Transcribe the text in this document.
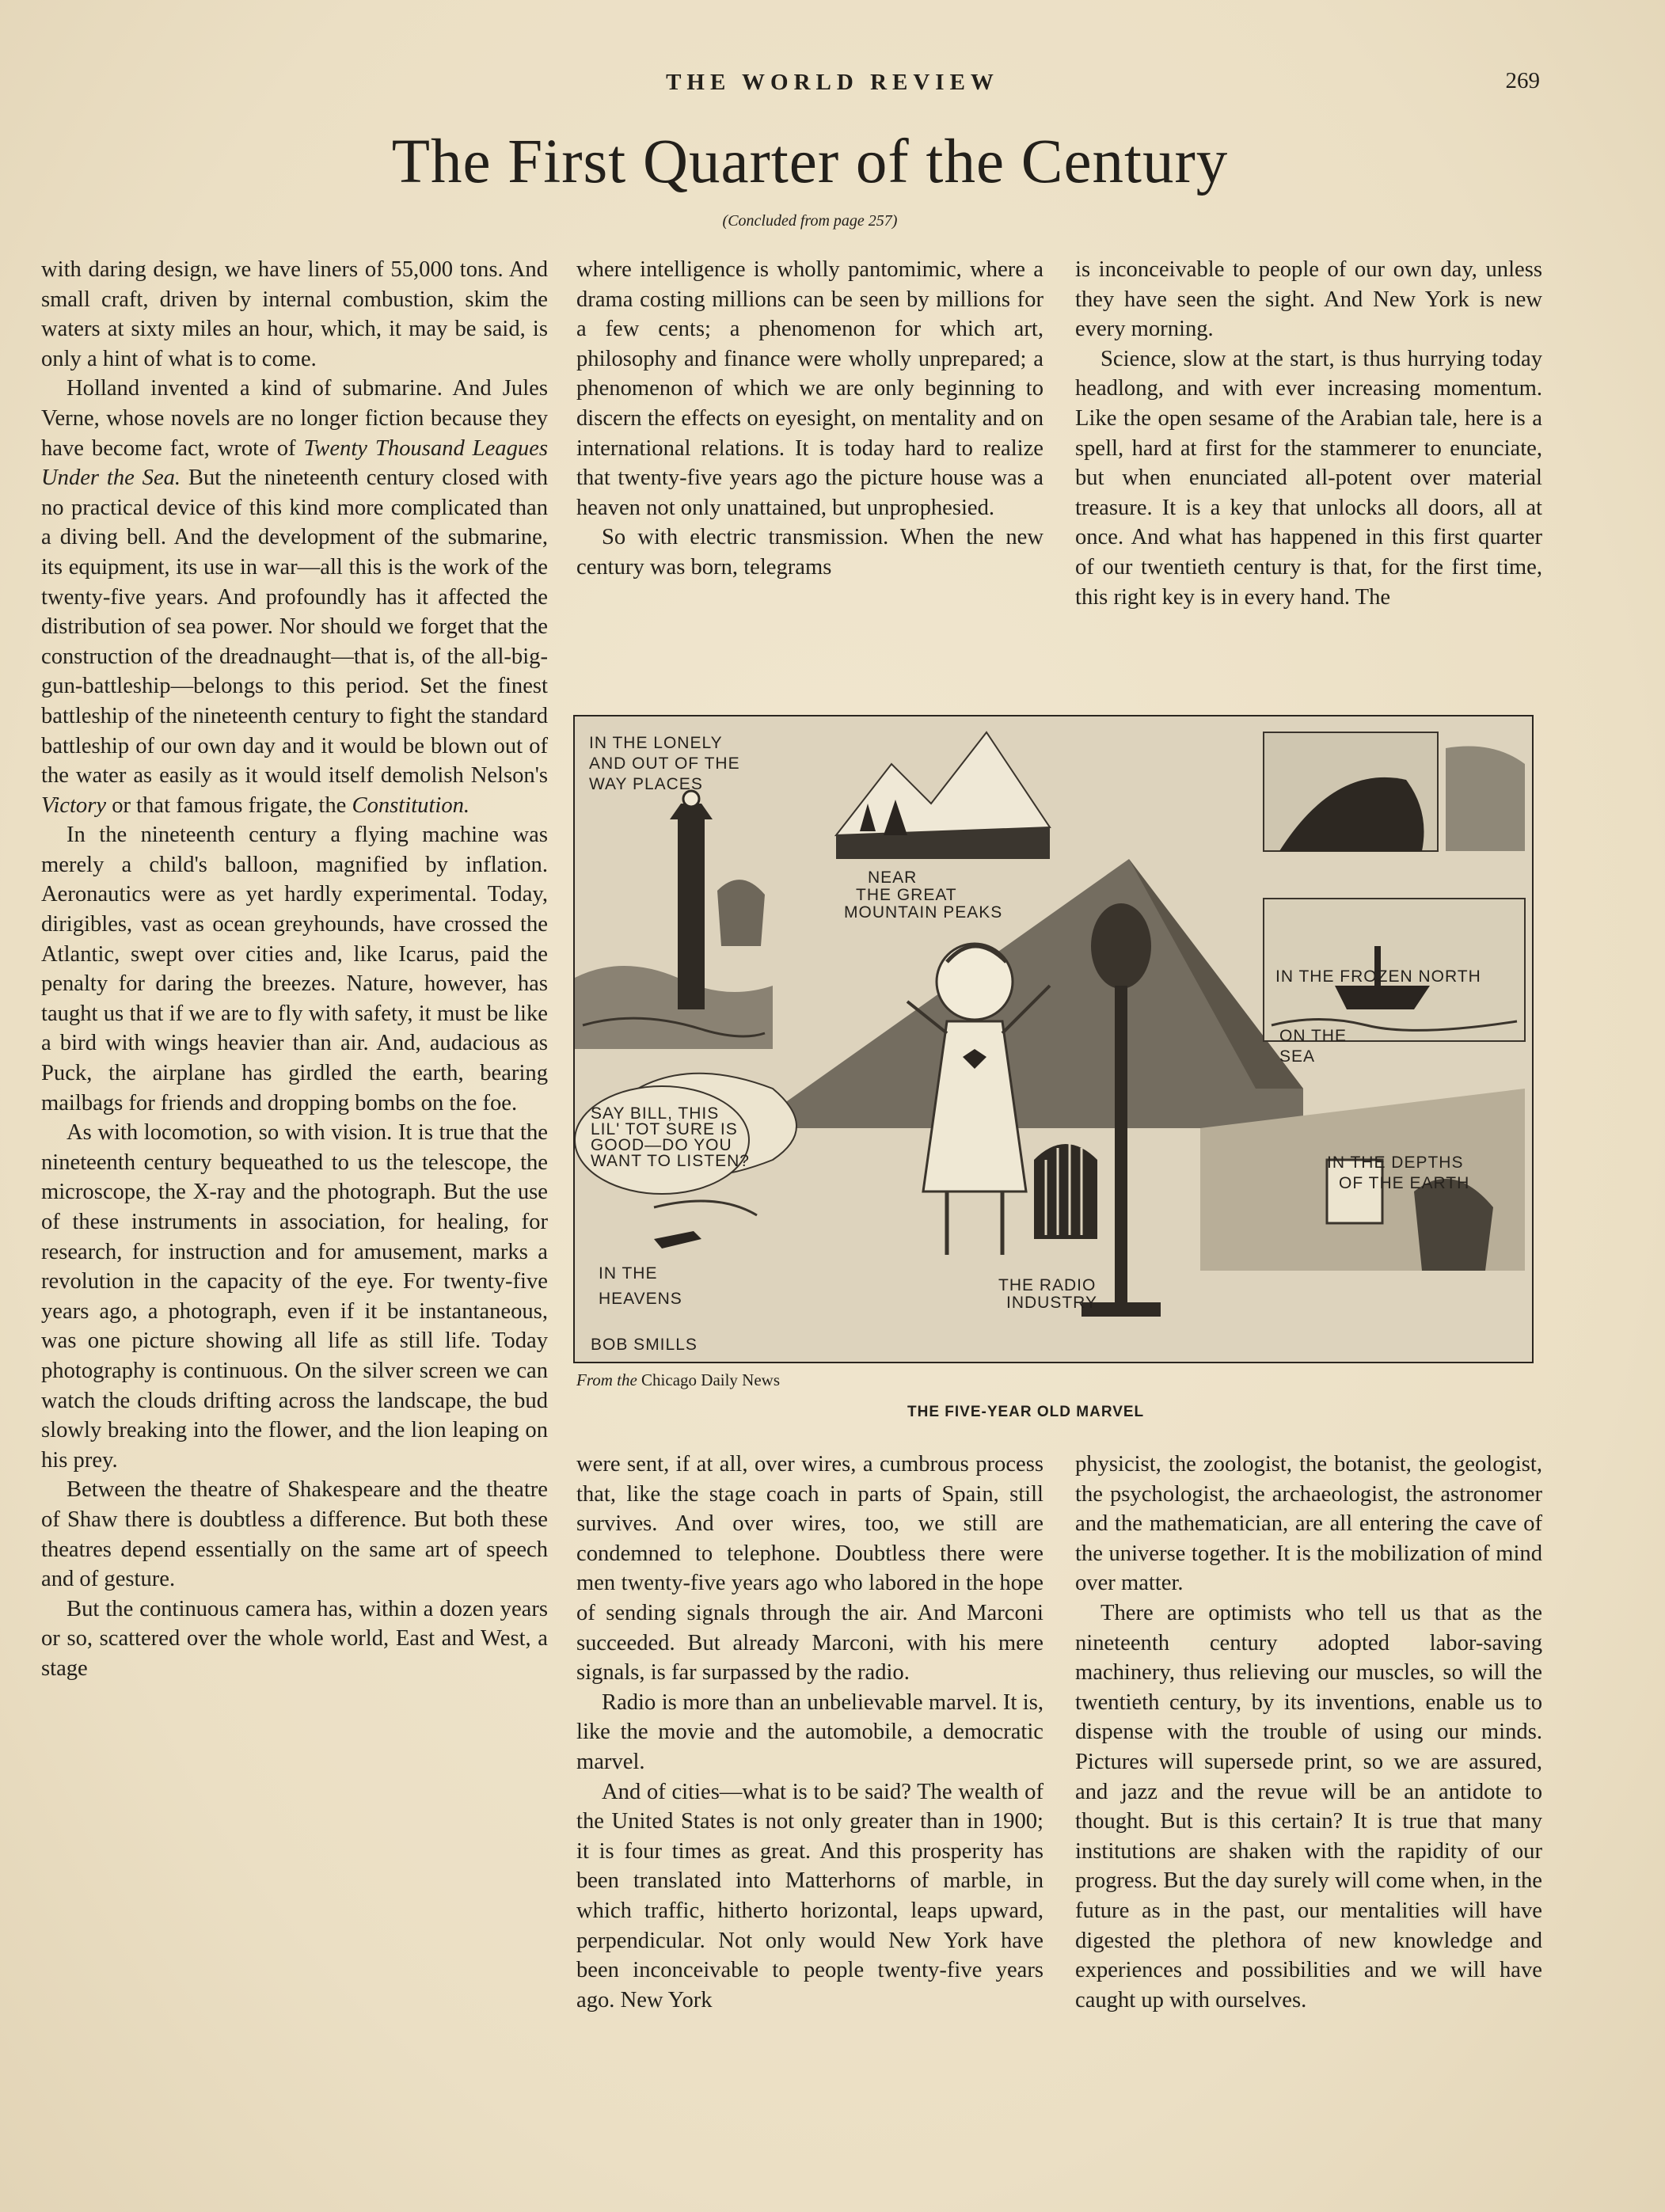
THE WORLD REVIEW	269
The First Quarter of the Century
(Concluded from page 257)

with daring design, we have liners of 55,000 tons. And small craft, driven by internal combustion, skim the waters at sixty miles an hour, which, it may be said, is only a hint of what is to come.

Holland invented a kind of submarine. And Jules Verne, whose novels are no longer fiction because they have become fact, wrote of Twenty Thousand Leagues Under the Sea. But the nineteenth century closed with no practical device of this kind more complicated than a diving bell. And the development of the submarine, its equipment, its use in war—all this is the work of the twenty-five years. And profoundly has it affected the distribution of sea power. Nor should we forget that the construction of the dreadnaught—that is, of the all-big-gun-battleship—belongs to this period. Set the finest battleship of the nineteenth century to fight the standard battleship of our own day and it would be blown out of the water as easily as it would itself demolish Nelson's Victory or that famous frigate, the Constitution.

In the nineteenth century a flying machine was merely a child's balloon, magnified by inflation. Aeronautics were as yet hardly experimental. Today, dirigibles, vast as ocean greyhounds, have crossed the Atlantic, swept over cities and, like Icarus, paid the penalty for daring the breezes. Nature, however, has taught us that if we are to fly with safety, it must be like a bird with wings heavier than air. And, audacious as Puck, the airplane has girdled the earth, bearing mailbags for friends and dropping bombs on the foe.

As with locomotion, so with vision. It is true that the nineteenth century bequeathed to us the telescope, the microscope, the X-ray and the photograph. But the use of these instruments in association, for healing, for research, for instruction and for amusement, marks a revolution in the capacity of the eye. For twenty-five years ago, a photograph, even if it be instantaneous, was one picture showing all life as still life. Today photography is continuous. On the silver screen we can watch the clouds drifting across the landscape, the bud slowly breaking into the flower, and the lion leaping on his prey.

Between the theatre of Shakespeare and the theatre of Shaw there is doubtless a difference. But both these theatres depend essentially on the same art of speech and of gesture.

But the continuous camera has, within a dozen years or so, scattered over the whole world, East and West, a stage

where intelligence is wholly pantomimic, where a drama costing millions can be seen by millions for a few cents; a phenomenon for which art, philosophy and finance were wholly unprepared; a phenomenon of which we are only beginning to discern the effects on eyesight, on mentality and on international relations. It is today hard to realize that twenty-five years ago the picture house was a heaven not only unattained, but unprophesied.

So with electric transmission. When the new century was born, telegrams

is inconceivable to people of our own day, unless they have seen the sight. And New York is new every morning.

Science, slow at the start, is thus hurrying today headlong, and with ever increasing momentum. Like the open sesame of the Arabian tale, here is a spell, hard at first for the stammerer to enunciate, but when enunciated all-potent over material treasure. It is a key that unlocks all doors, all at once. And what has happened in this first quarter of our twentieth century is that, for the first time, this right key is in every hand. The

IN THE LONELY
AND OUT OF THE
WAY PLACES
NEAR
THE GREAT
MOUNTAIN PEAKS
IN THE FROZEN NORTH
ON THE
SEA
SAY BILL, THIS
LIL' TOT SURE IS
GOOD—DO YOU
WANT TO LISTEN?
IN THE
HEAVENS
IN THE DEPTHS
OF THE EARTH
THE RADIO
INDUSTRY
BOB SMILLS
From the Chicago Daily News
THE FIVE-YEAR OLD MARVEL

were sent, if at all, over wires, a cumbrous process that, like the stage coach in parts of Spain, still survives. And over wires, too, we still are condemned to telephone. Doubtless there were men twenty-five years ago who labored in the hope of sending signals through the air. And Marconi succeeded. But already Marconi, with his mere signals, is far surpassed by the radio.

Radio is more than an unbelievable marvel. It is, like the movie and the automobile, a democratic marvel.

And of cities—what is to be said? The wealth of the United States is not only greater than in 1900; it is four times as great. And this prosperity has been translated into Matterhorns of marble, in which traffic, hitherto horizontal, leaps upward, perpendicular. Not only would New York have been inconceivable to people twenty-five years ago. New York

physicist, the zoologist, the botanist, the geologist, the psychologist, the archaeologist, the astronomer and the mathematician, are all entering the cave of the universe together. It is the mobilization of mind over matter.

There are optimists who tell us that as the nineteenth century adopted labor-saving machinery, thus relieving our muscles, so will the twentieth century, by its inventions, enable us to dispense with the trouble of using our minds. Pictures will supersede print, so we are assured, and jazz and the revue will be an antidote to thought. But is this certain? It is true that many institutions are shaken with the rapidity of our progress. But the day surely will come when, in the future as in the past, our mentalities will have digested the plethora of new knowledge and experiences and possibilities and we will have caught up with ourselves.
